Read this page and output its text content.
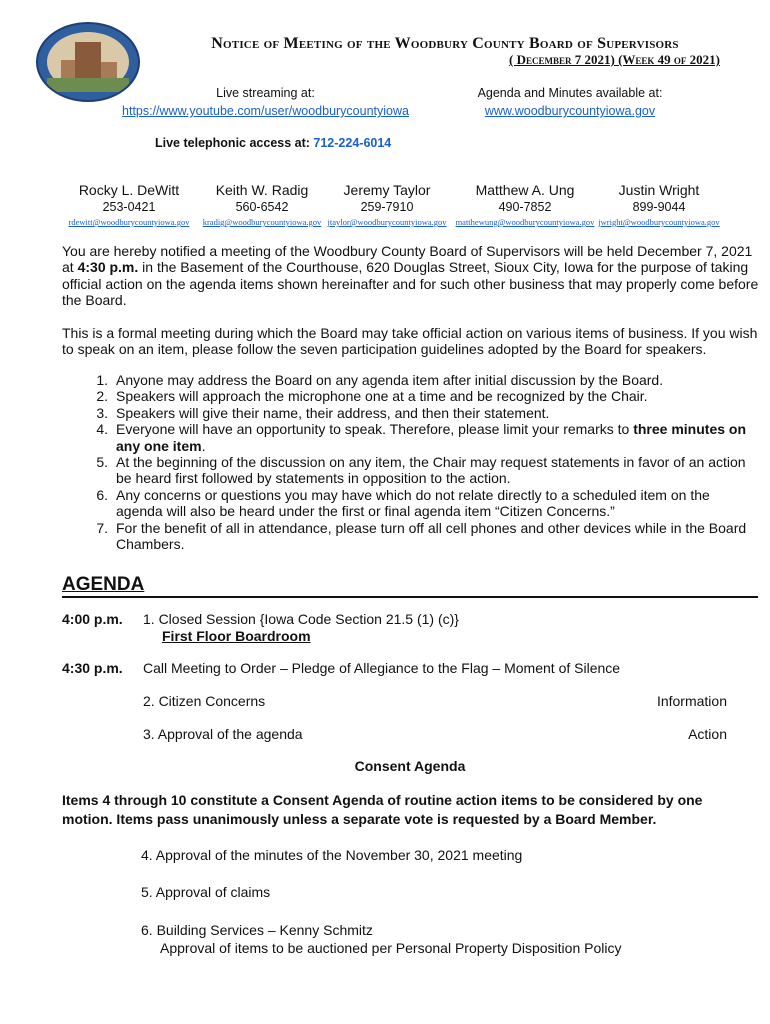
Notice of Meeting of the Woodbury County Board of Supervisors
( December 7 2021) (Week 49 of 2021)
Live streaming at:
https://www.youtube.com/user/woodburycountyiowa
Agenda and Minutes available at:
www.woodburycountyiowa.gov
Live telephonic access at: 712-224-6014
Rocky L. DeWitt
253-0421
rdewitt@woodburycountyiowa.gov
Keith W. Radig
560-6542
kradig@woodburycountyiowa.gov
Jeremy Taylor
259-7910
jtaylor@woodburycountyiowa.gov
Matthew A. Ung
490-7852
matthewung@woodburycountyiowa.gov
Justin Wright
899-9044
jwright@woodburycountyiowa.gov
You are hereby notified a meeting of the Woodbury County Board of Supervisors will be held December 7, 2021 at 4:30 p.m. in the Basement of the Courthouse, 620 Douglas Street, Sioux City, Iowa for the purpose of taking official action on the agenda items shown hereinafter and for such other business that may properly come before the Board.
This is a formal meeting during which the Board may take official action on various items of business. If you wish to speak on an item, please follow the seven participation guidelines adopted by the Board for speakers.
1. Anyone may address the Board on any agenda item after initial discussion by the Board.
2. Speakers will approach the microphone one at a time and be recognized by the Chair.
3. Speakers will give their name, their address, and then their statement.
4. Everyone will have an opportunity to speak. Therefore, please limit your remarks to three minutes on any one item.
5. At the beginning of the discussion on any item, the Chair may request statements in favor of an action be heard first followed by statements in opposition to the action.
6. Any concerns or questions you may have which do not relate directly to a scheduled item on the agenda will also be heard under the first or final agenda item “Citizen Concerns.”
7. For the benefit of all in attendance, please turn off all cell phones and other devices while in the Board Chambers.
AGENDA
4:00 p.m. 1. Closed Session {Iowa Code Section 21.5 (1) (c)}
First Floor Boardroom
4:30 p.m. Call Meeting to Order – Pledge of Allegiance to the Flag – Moment of Silence
2. Citizen Concerns	Information
3. Approval of the agenda	Action
Consent Agenda
Items 4 through 10 constitute a Consent Agenda of routine action items to be considered by one motion. Items pass unanimously unless a separate vote is requested by a Board Member.
4. Approval of the minutes of the November 30, 2021 meeting
5. Approval of claims
6. Building Services – Kenny Schmitz
Approval of items to be auctioned per Personal Property Disposition Policy
